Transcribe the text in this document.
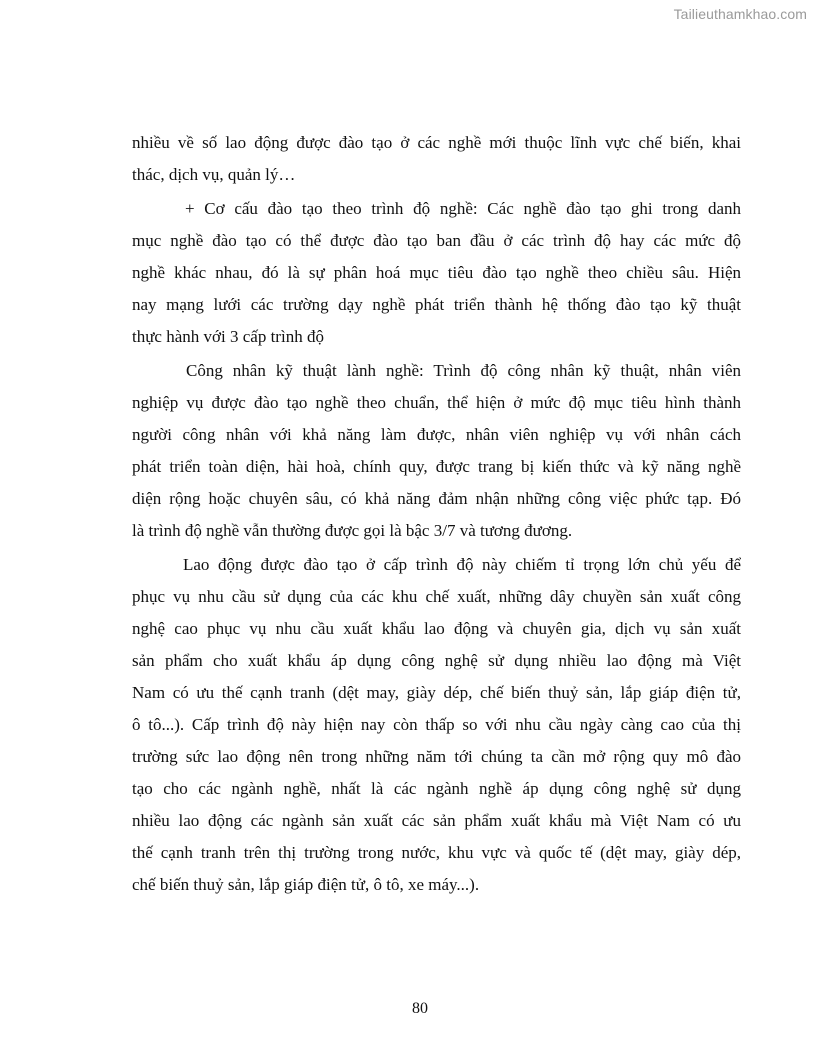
Tailieuthamkhao.com
nhiều về số lao động được đào tạo ở các nghề mới thuộc lĩnh vực chế biến, khai
thác, dịch vụ, quản lý…
+ Cơ cấu đào tạo theo trình độ nghề: Các nghề đào tạo ghi trong danh
mục nghề đào tạo có thể được đào tạo ban đầu ở các trình độ hay các mức độ
nghề khác nhau, đó là sự phân hoá mục tiêu đào tạo nghề theo chiều sâu. Hiện
nay mạng lưới các trường dạy nghề phát triển thành hệ thống đào tạo kỹ thuật
thực hành với 3 cấp trình độ
Công nhân kỹ thuật lành nghề: Trình độ công nhân kỹ thuật, nhân viên
nghiệp vụ được đào tạo nghề theo chuẩn, thể hiện ở mức độ mục tiêu hình thành
người công nhân với khả năng làm được, nhân viên nghiệp vụ với nhân cách
phát triển toàn diện, hài hoà, chính quy, được trang bị kiến thức và kỹ năng nghề
diện rộng hoặc chuyên sâu, có khả năng đảm nhận những công việc phức tạp. Đó
là trình độ nghề vẫn thường được gọi là bậc 3/7 và tương đương.
Lao động được đào tạo ở cấp trình độ này chiếm tỉ trọng lớn chủ yếu để
phục vụ nhu cầu sử dụng của các khu chế xuất, những dây chuyền sản xuất công
nghệ cao phục vụ nhu cầu xuất khẩu lao động và chuyên gia, dịch vụ sản xuất
sản phẩm cho xuất khẩu áp dụng công nghệ sử dụng nhiều lao động mà Việt
Nam có ưu thế cạnh tranh (dệt may, giày dép, chế biến thuỷ sản, lắp giáp điện tử,
ô tô...). Cấp trình độ này hiện nay còn thấp so với nhu cầu ngày càng cao của thị
trường sức lao động nên trong những năm tới chúng ta cần mở rộng quy mô đào
tạo cho các ngành nghề, nhất là các ngành nghề áp dụng công nghệ sử dụng
nhiều lao động các ngành sản xuất các sản phẩm xuất khẩu mà Việt Nam có ưu
thế cạnh tranh trên thị trường trong nước, khu vực và quốc tế (dệt may, giày dép,
chế biến thuỷ sản, lắp giáp điện tử, ô tô, xe máy...).
80
